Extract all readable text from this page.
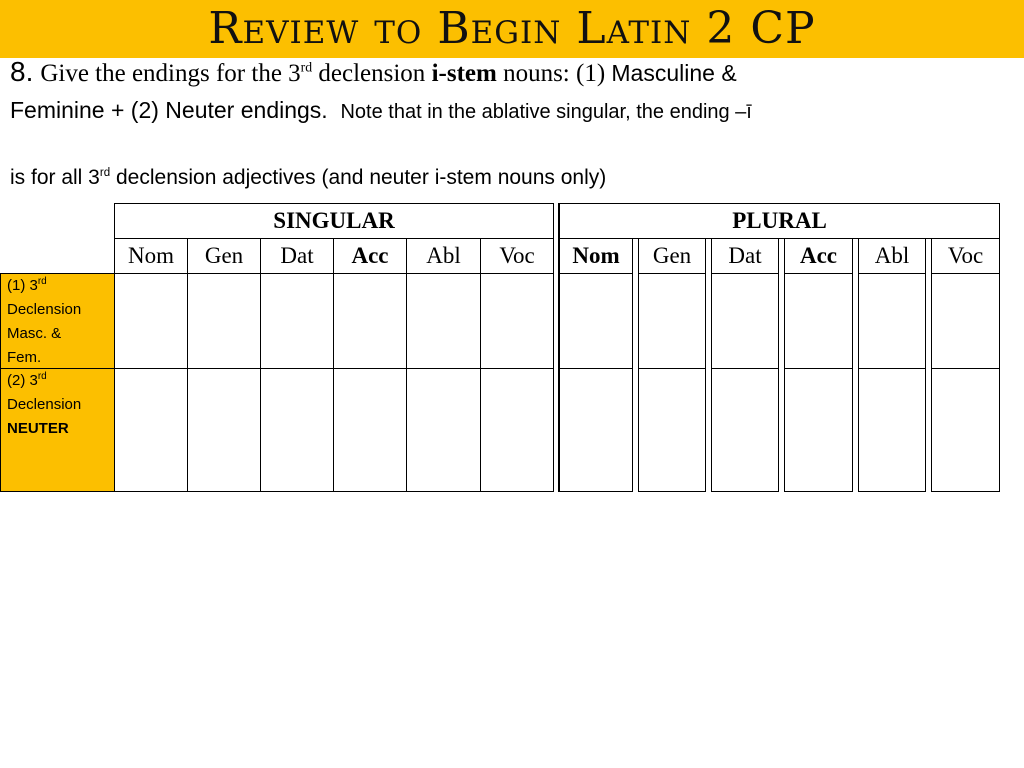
Review to Begin Latin 2 CP
8. Give the endings for the 3rd declension i-stem nouns: (1) Masculine &
Feminine + (2) Neuter endings. Note that in the ablative singular, the ending –ī
is for all 3rd declension adjectives (and neuter i-stem nouns only)
SINGULAR	PLURAL
Nom	Gen	Dat	Acc	Abl	Voc	Nom	Gen	Dat	Acc	Abl	Voc
(1) 3rd
Declension
Masc. &
Fem.
(2) 3rd
Declension
NEUTER
